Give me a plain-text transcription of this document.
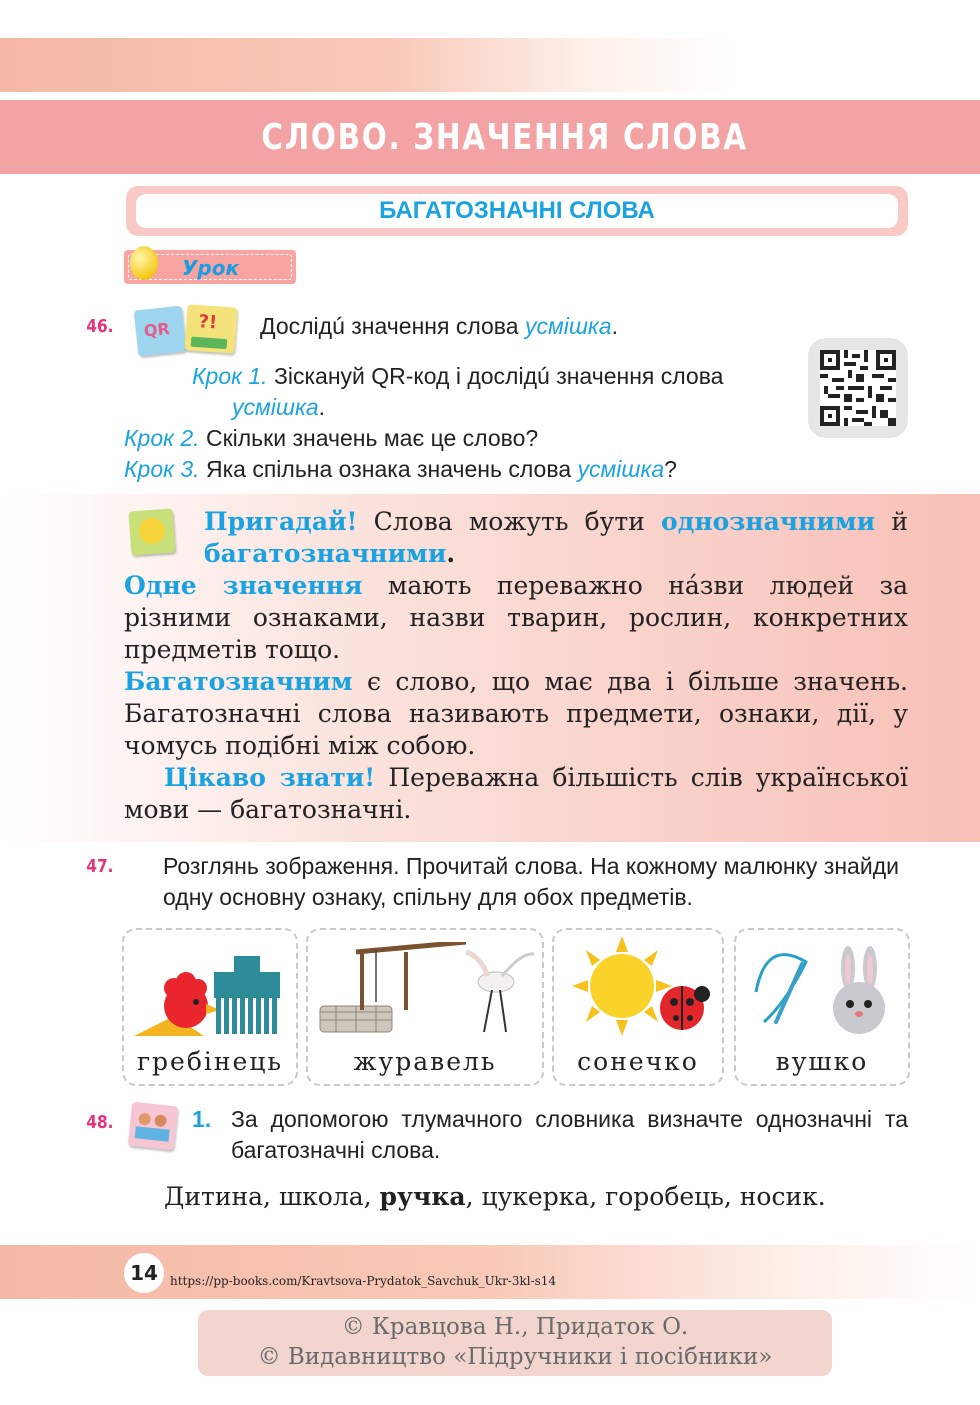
СЛОВО. ЗНАЧЕННЯ СЛОВА
БАГАТОЗНАЧНІ СЛОВА
Урок
46. QR ?! Дослідú значення слова усмішка.
Крок 1. Зіскануй QR-код і дослідú значення слова
усмішка.
Крок 2. Скільки значень має це слово?
Крок 3. Яка спільна ознака значень слова усмішка?
Пригадай! Слова можуть бути однозначними й багатозначними.
Одне значення мають переважно на́зви людей за різними ознаками, назви тварин, рослин, конкретних предметів тощо.
Багатозначним є слово, що має два і більше значень. Багатозначні слова називають предмети, ознаки, дії, у чомусь подібні між собою.
Цікаво знати! Переважна більшість слів української мови — багатозначні.
47. Розглянь зображення. Прочитай слова. На кожному малюнку знайди одну основну ознаку, спільну для обох предметів.
гребінець	журавель	сонечко	вушко
48.	1. За допомогою тлумачного словника визначте однозначні та багатозначні слова.
Дитина, школа, ручка, цукерка, горобець, носик.
14	https://pp-books.com/Kravtsova-Prydatok_Savchuk_Ukr-3kl-s14
© Кравцова Н., Придаток О.
© Видавництво «Підручники і посібники»
